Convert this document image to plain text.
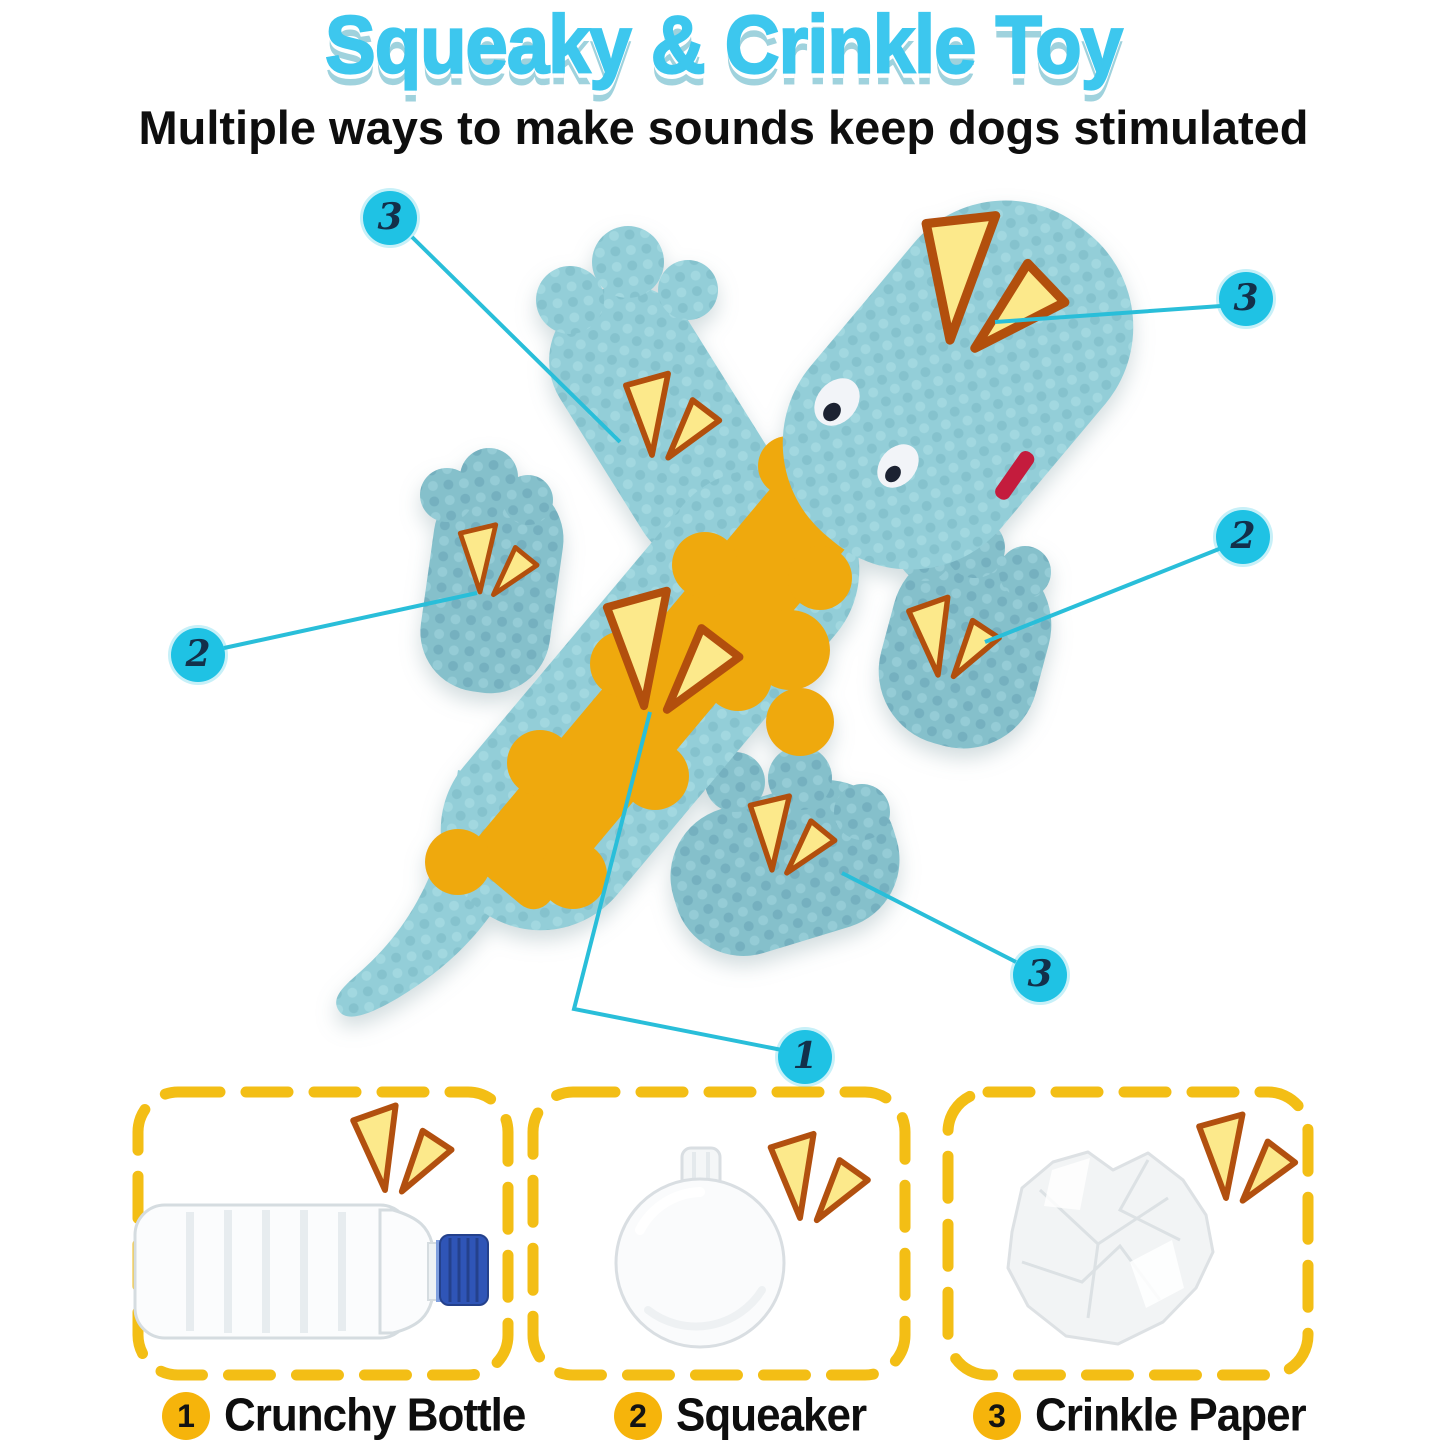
Squeaky & Crinkle Toy
Multiple ways to make sounds keep dogs stimulated
3
3
2
2
3
1
1 Crunchy Bottle	2 Squeaker	3 Crinkle Paper
